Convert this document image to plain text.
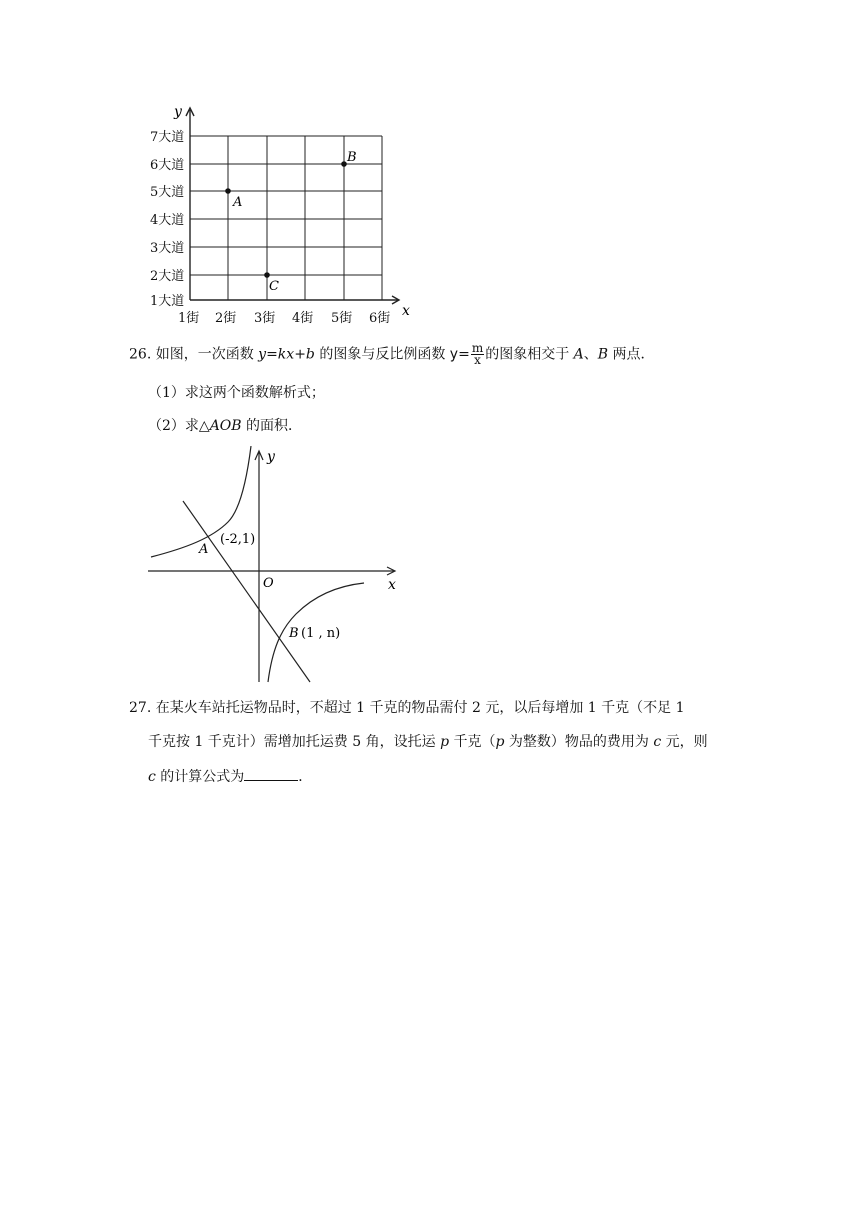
y
x
1大道
2大道
3大道
4大道
5大道
6大道
7大道
1街 2街 3街 4街 5街 6街
A
B
C
26. 如图，一次函数 y=kx+b 的图象与反比例函数 $y= \frac{m}{x}$ 的图象相交于 A、B 两点．
（1）求这两个函数解析式；
（2）求△AOB 的面积．
y
x
O
A
(-2,1)
B (1 , n)
27. 在某火车站托运物品时，不超过 1 千克的物品需付 2 元，以后每增加 1 千克（不足 1
千克按 1 千克计）需增加托运费 5 角，设托运 p 千克（p 为整数）物品的费用为 c 元，则
c 的计算公式为	．
